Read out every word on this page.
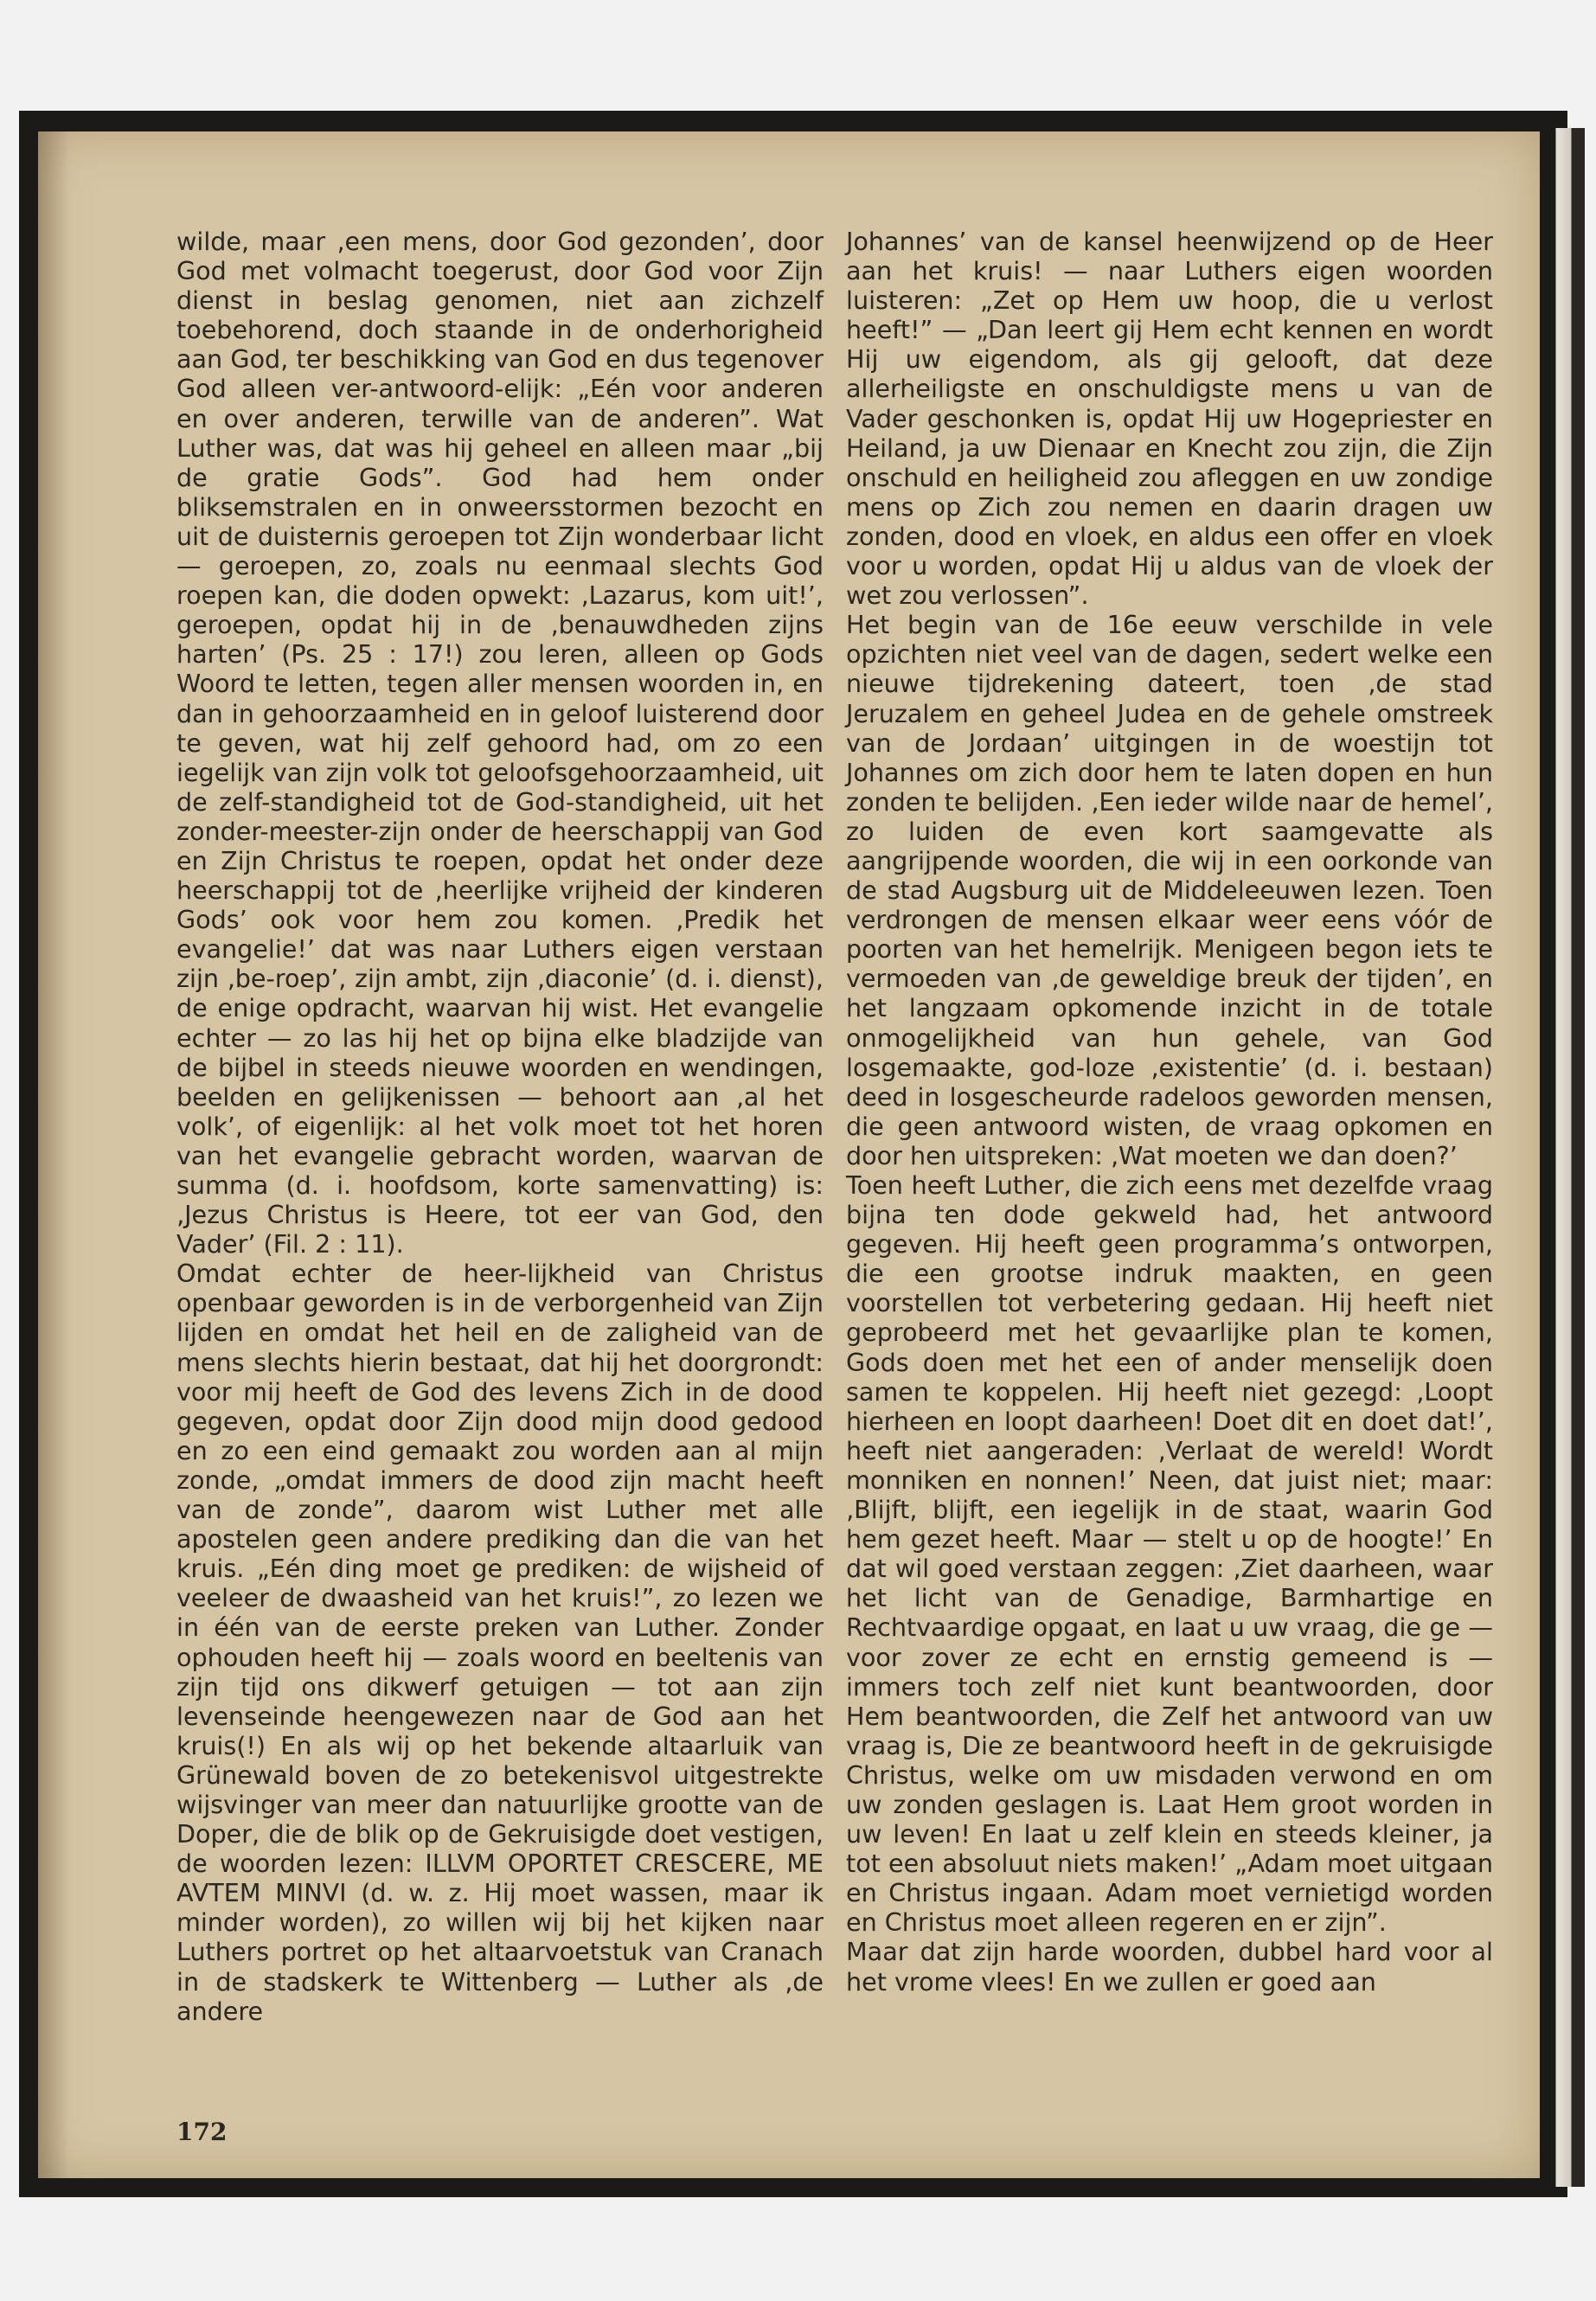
wilde, maar ‚een mens, door God gezonden’, door God met volmacht toegerust, door God voor Zijn dienst in beslag genomen, niet aan zichzelf toebehorend, doch staande in de onderhorigheid aan God, ter beschikking van God en dus tegenover God alleen ver-antwoord-elijk: „Eén voor anderen en over anderen, terwille van de anderen”. Wat Luther was, dat was hij geheel en alleen maar „bij de gratie Gods”. God had hem onder bliksemstralen en in onweersstormen bezocht en uit de duisternis geroepen tot Zijn wonderbaar licht — geroepen, zo, zoals nu eenmaal slechts God roepen kan, die doden opwekt: ‚Lazarus, kom uit!’, geroepen, opdat hij in de ‚benauwdheden zijns harten’ (Ps. 25 : 17!) zou leren, alleen op Gods Woord te letten, tegen aller mensen woorden in, en dan in gehoorzaamheid en in geloof luisterend door te geven, wat hij zelf gehoord had, om zo een iegelijk van zijn volk tot geloofsgehoorzaamheid, uit de zelf-standigheid tot de God-standigheid, uit het zonder-meester-zijn onder de heerschappij van God en Zijn Christus te roepen, opdat het onder deze heerschappij tot de ‚heerlijke vrijheid der kinderen Gods’ ook voor hem zou komen. ‚Predik het evangelie!’ dat was naar Luthers eigen verstaan zijn ‚be-roep’, zijn ambt, zijn ‚diaconie’ (d. i. dienst), de enige opdracht, waarvan hij wist. Het evangelie echter — zo las hij het op bijna elke bladzijde van de bijbel in steeds nieuwe woorden en wendingen, beelden en gelijkenissen — behoort aan ‚al het volk’, of eigenlijk: al het volk moet tot het horen van het evangelie gebracht worden, waarvan de summa (d. i. hoofdsom, korte samenvatting) is: ‚Jezus Christus is Heere, tot eer van God, den Vader’ (Fil. 2 : 11).

Omdat echter de heer-lijkheid van Christus openbaar geworden is in de verborgenheid van Zijn lijden en omdat het heil en de zaligheid van de mens slechts hierin bestaat, dat hij het doorgrondt: voor mij heeft de God des levens Zich in de dood gegeven, opdat door Zijn dood mijn dood gedood en zo een eind gemaakt zou worden aan al mijn zonde, „omdat immers de dood zijn macht heeft van de zonde”, daarom wist Luther met alle apostelen geen andere prediking dan die van het kruis. „Eén ding moet ge prediken: de wijsheid of veeleer de dwaasheid van het kruis!”, zo lezen we in één van de eerste preken van Luther. Zonder ophouden heeft hij — zoals woord en beeltenis van zijn tijd ons dikwerf getuigen — tot aan zijn levenseinde heengewezen naar de God aan het kruis(!) En als wij op het bekende altaarluik van Grünewald boven de zo betekenisvol uitgestrekte wijsvinger van meer dan natuurlijke grootte van de Doper, die de blik op de Gekruisigde doet vestigen, de woorden lezen: ILLVM OPORTET CRESCERE, ME AVTEM MINVI (d. w. z. Hij moet wassen, maar ik minder worden), zo willen wij bij het kijken naar Luthers portret op het altaarvoetstuk van Cranach in de stadskerk te Wittenberg — Luther als ‚de andere

Johannes’ van de kansel heenwijzend op de Heer aan het kruis! — naar Luthers eigen woorden luisteren: „Zet op Hem uw hoop, die u verlost heeft!” — „Dan leert gij Hem echt kennen en wordt Hij uw eigendom, als gij gelooft, dat deze allerheiligste en onschuldigste mens u van de Vader geschonken is, opdat Hij uw Hogepriester en Heiland, ja uw Dienaar en Knecht zou zijn, die Zijn onschuld en heiligheid zou afleggen en uw zondige mens op Zich zou nemen en daarin dragen uw zonden, dood en vloek, en aldus een offer en vloek voor u worden, opdat Hij u aldus van de vloek der wet zou verlossen”.

Het begin van de 16e eeuw verschilde in vele opzichten niet veel van de dagen, sedert welke een nieuwe tijdrekening dateert, toen ‚de stad Jeruzalem en geheel Judea en de gehele omstreek van de Jordaan’ uitgingen in de woestijn tot Johannes om zich door hem te laten dopen en hun zonden te belijden. ‚Een ieder wilde naar de hemel’, zo luiden de even kort saamgevatte als aangrijpende woorden, die wij in een oorkonde van de stad Augsburg uit de Middeleeuwen lezen. Toen verdrongen de mensen elkaar weer eens vóór de poorten van het hemelrijk. Menigeen begon iets te vermoeden van ‚de geweldige breuk der tijden’, en het langzaam opkomende inzicht in de totale onmogelijkheid van hun gehele, van God losgemaakte, god-loze ‚existentie’ (d. i. bestaan) deed in losgescheurde radeloos geworden mensen, die geen antwoord wisten, de vraag opkomen en door hen uitspreken: ‚Wat moeten we dan doen?’

Toen heeft Luther, die zich eens met dezelfde vraag bijna ten dode gekweld had, het antwoord gegeven. Hij heeft geen programma’s ontworpen, die een grootse indruk maakten, en geen voorstellen tot verbetering gedaan. Hij heeft niet geprobeerd met het gevaarlijke plan te komen, Gods doen met het een of ander menselijk doen samen te koppelen. Hij heeft niet gezegd: ‚Loopt hierheen en loopt daarheen! Doet dit en doet dat!’, heeft niet aangeraden: ‚Verlaat de wereld! Wordt monniken en nonnen!’ Neen, dat juist niet; maar: ‚Blijft, blijft, een iegelijk in de staat, waarin God hem gezet heeft. Maar — stelt u op de hoogte!’ En dat wil goed verstaan zeggen: ‚Ziet daarheen, waar het licht van de Genadige, Barmhartige en Rechtvaardige opgaat, en laat u uw vraag, die ge — voor zover ze echt en ernstig gemeend is — immers toch zelf niet kunt beantwoorden, door Hem beantwoorden, die Zelf het antwoord van uw vraag is, Die ze beantwoord heeft in de gekruisigde Christus, welke om uw misdaden verwond en om uw zonden geslagen is. Laat Hem groot worden in uw leven! En laat u zelf klein en steeds kleiner, ja tot een absoluut niets maken!’ „Adam moet uitgaan en Christus ingaan. Adam moet vernietigd worden en Christus moet alleen regeren en er zijn”.

Maar dat zijn harde woorden, dubbel hard voor al het vrome vlees! En we zullen er goed aan

172
